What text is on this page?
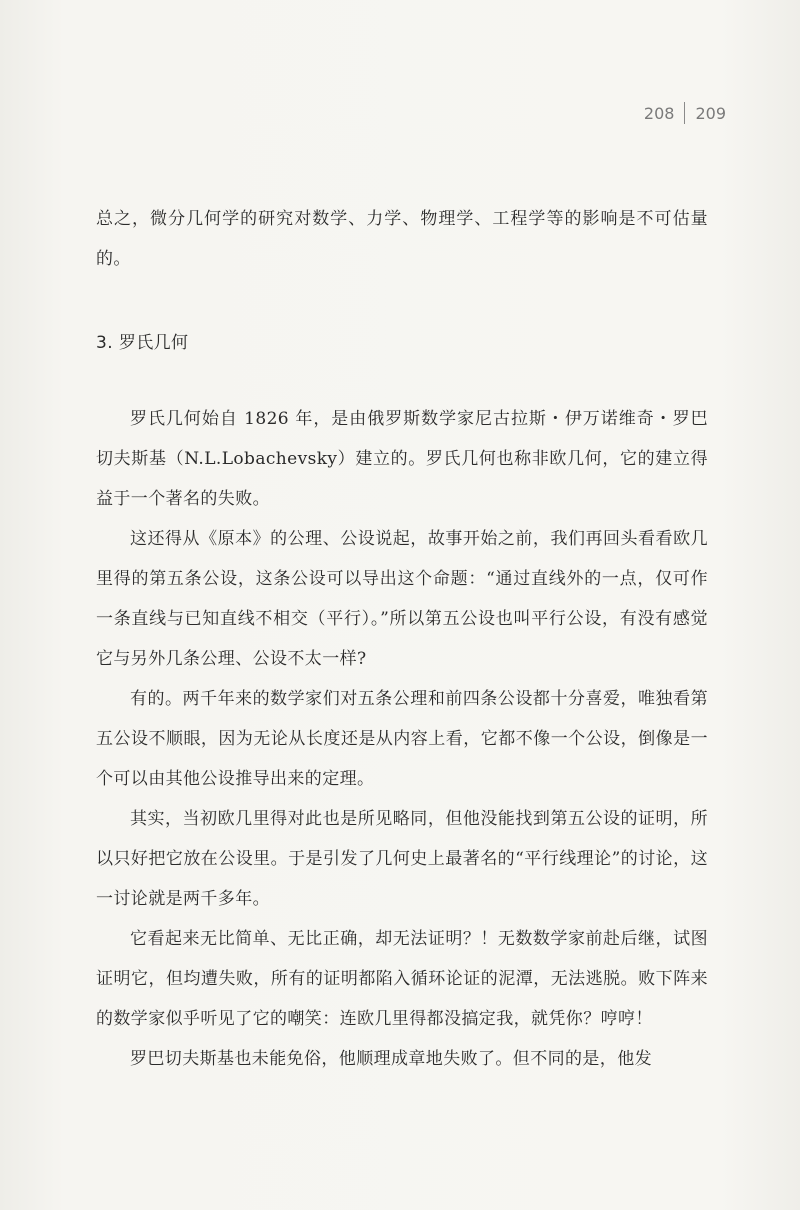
208 209

总之，微分几何学的研究对数学、力学、物理学、工程学等的影响是不可估量的。

3. 罗氏几何

罗氏几何始自 1826 年，是由俄罗斯数学家尼古拉斯・伊万诺维奇・罗巴切夫斯基（N.L.Lobachevsky）建立的。罗氏几何也称非欧几何，它的建立得益于一个著名的失败。

这还得从《原本》的公理、公设说起，故事开始之前，我们再回头看看欧几里得的第五条公设，这条公设可以导出这个命题：“通过直线外的一点，仅可作一条直线与已知直线不相交（平行）。”所以第五公设也叫平行公设，有没有感觉它与另外几条公理、公设不太一样?

有的。两千年来的数学家们对五条公理和前四条公设都十分喜爱，唯独看第五公设不顺眼，因为无论从长度还是从内容上看，它都不像一个公设，倒像是一个可以由其他公设推导出来的定理。

其实，当初欧几里得对此也是所见略同，但他没能找到第五公设的证明，所以只好把它放在公设里。于是引发了几何史上最著名的“平行线理论”的讨论，这一讨论就是两千多年。

它看起来无比简单、无比正确，却无法证明？！无数数学家前赴后继，试图证明它，但均遭失败，所有的证明都陷入循环论证的泥潭，无法逃脱。败下阵来的数学家似乎听见了它的嘲笑：连欧几里得都没搞定我，就凭你？哼哼！

罗巴切夫斯基也未能免俗，他顺理成章地失败了。但不同的是，他发
